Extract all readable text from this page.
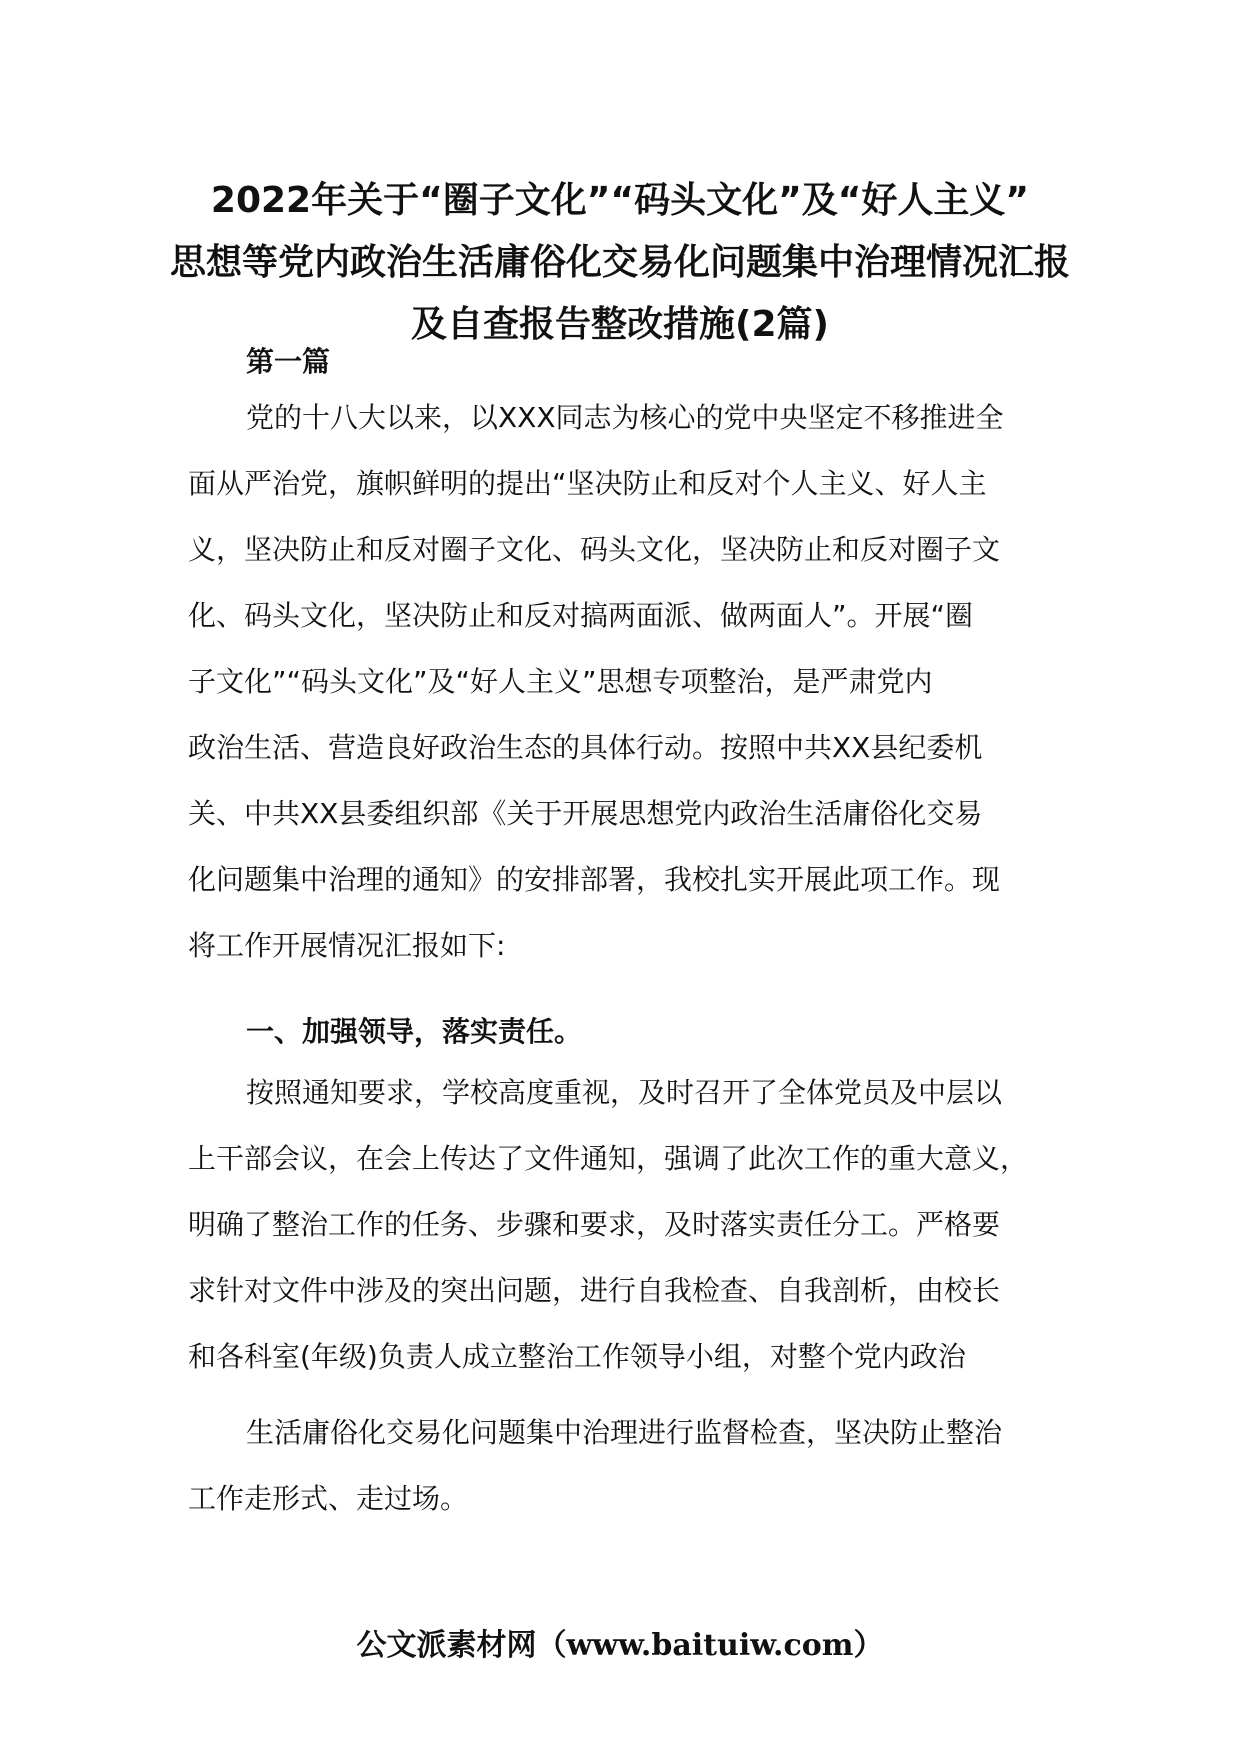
2022年关于“圈子文化”“码头文化”及“好人主义”
思想等党内政治生活庸俗化交易化问题集中治理情况汇报
及自查报告整改措施(2篇)

第一篇

党的十八大以来，以XXX同志为核心的党中央坚定不移推进全
面从严治党，旗帜鲜明的提出“坚决防止和反对个人主义、好人主
义，坚决防止和反对圈子文化、码头文化，坚决防止和反对圈子文
化、码头文化，坚决防止和反对搞两面派、做两面人”。开展“圈
子文化”“码头文化”及“好人主义”思想专项整治，是严肃党内
政治生活、营造良好政治生态的具体行动。按照中共XX县纪委机
关、中共XX县委组织部《关于开展思想党内政治生活庸俗化交易
化问题集中治理的通知》的安排部署，我校扎实开展此项工作。现
将工作开展情况汇报如下:

一、加强领导，落实责任。

按照通知要求，学校高度重视，及时召开了全体党员及中层以
上干部会议，在会上传达了文件通知，强调了此次工作的重大意义，
明确了整治工作的任务、步骤和要求，及时落实责任分工。严格要
求针对文件中涉及的突出问题，进行自我检查、自我剖析，由校长
和各科室(年级)负责人成立整治工作领导小组，对整个党内政治
生活庸俗化交易化问题集中治理进行监督检查，坚决防止整治
工作走形式、走过场。

公文派素材网（www.baituiw.com）
